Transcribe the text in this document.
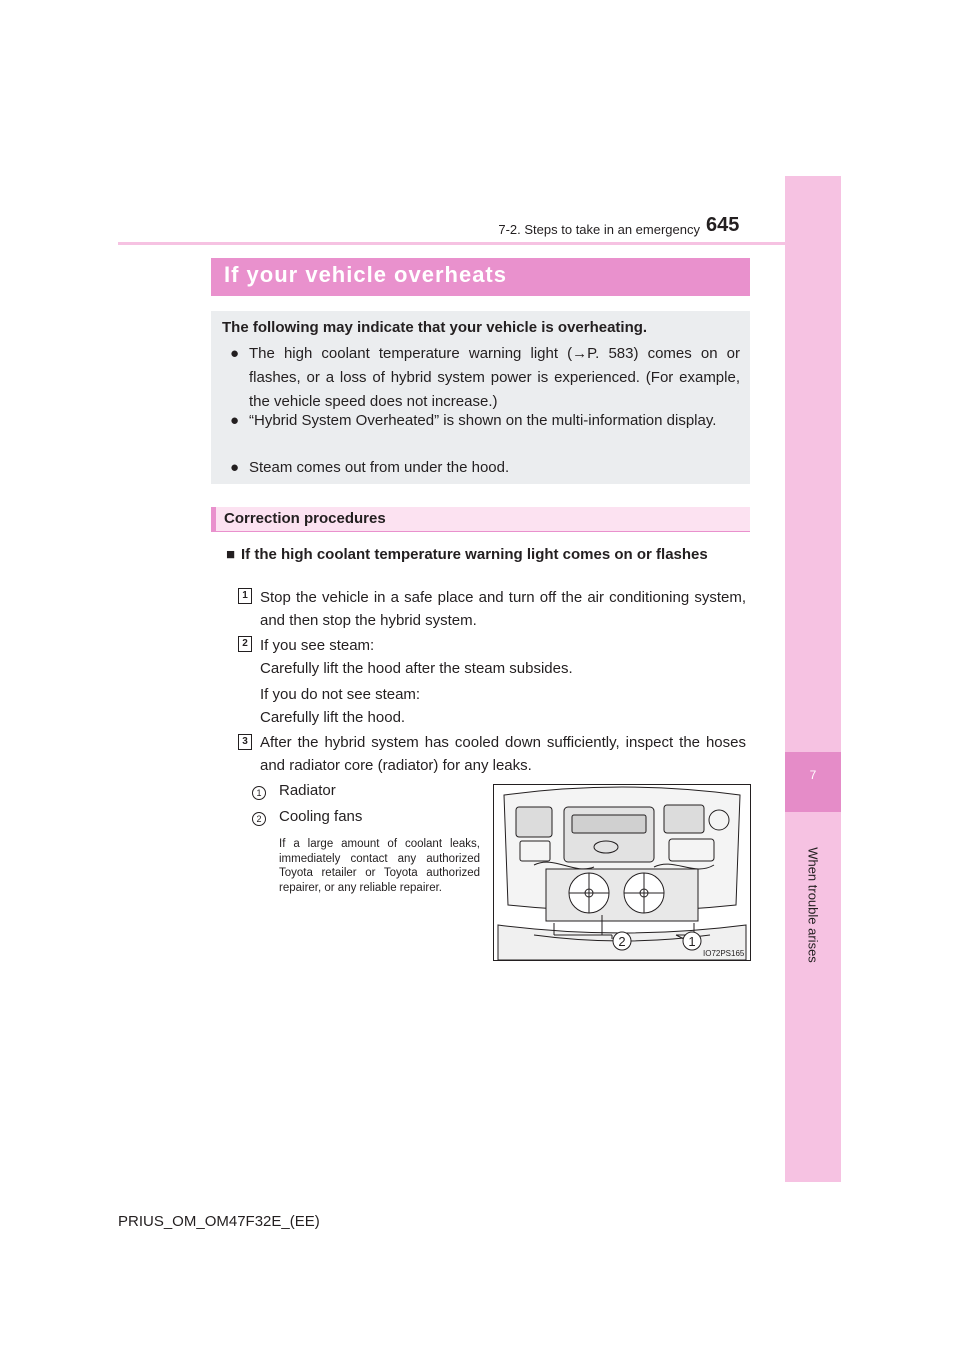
7
When trouble arises
7-2. Steps to take in an emergency 645
If your vehicle overheats
The following may indicate that your vehicle is overheating.
● The high coolant temperature warning light (→P. 583) comes on or flashes, or a loss of hybrid system power is experienced. (For example, the vehicle speed does not increase.)
● “Hybrid System Overheated” is shown on the multi-information display.
● Steam comes out from under the hood.
Correction procedures
■ If the high coolant temperature warning light comes on or flashes
1 Stop the vehicle in a safe place and turn off the air conditioning system, and then stop the hybrid system.
2 If you see steam:
Carefully lift the hood after the steam subsides.
If you do not see steam:
Carefully lift the hood.
3 After the hybrid system has cooled down sufficiently, inspect the hoses and radiator core (radiator) for any leaks.
1	Radiator
2	Cooling fans
If a large amount of coolant leaks, immediately contact any authorized Toyota retailer or Toyota authorized repairer, or any reliable repairer.
2	1
IO72PS165
PRIUS_OM_OM47F32E_(EE)
